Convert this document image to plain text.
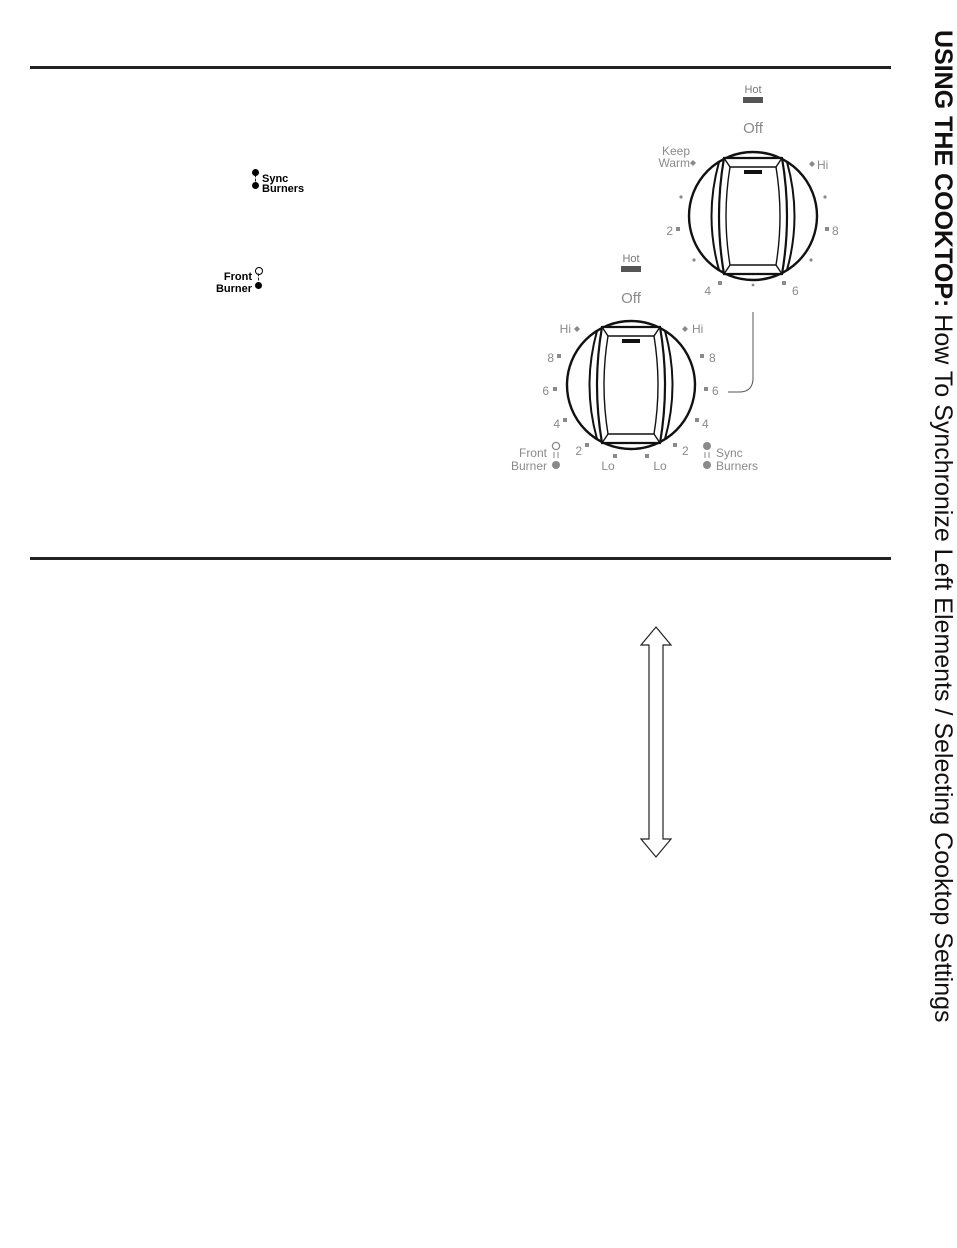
USING THE COOKTOP: How To Synchronize Left Elements / Selecting Cooktop Settings
¦ Sync
Burners
Front
Burner
¦
Hot
Off
Keep
Warm	Hi
2	8
4	6
Hot
Off
Hi
8
6
4
2
Lo
Hi
8
6
4
2
Lo
Front
Burner
Sync
Burners
